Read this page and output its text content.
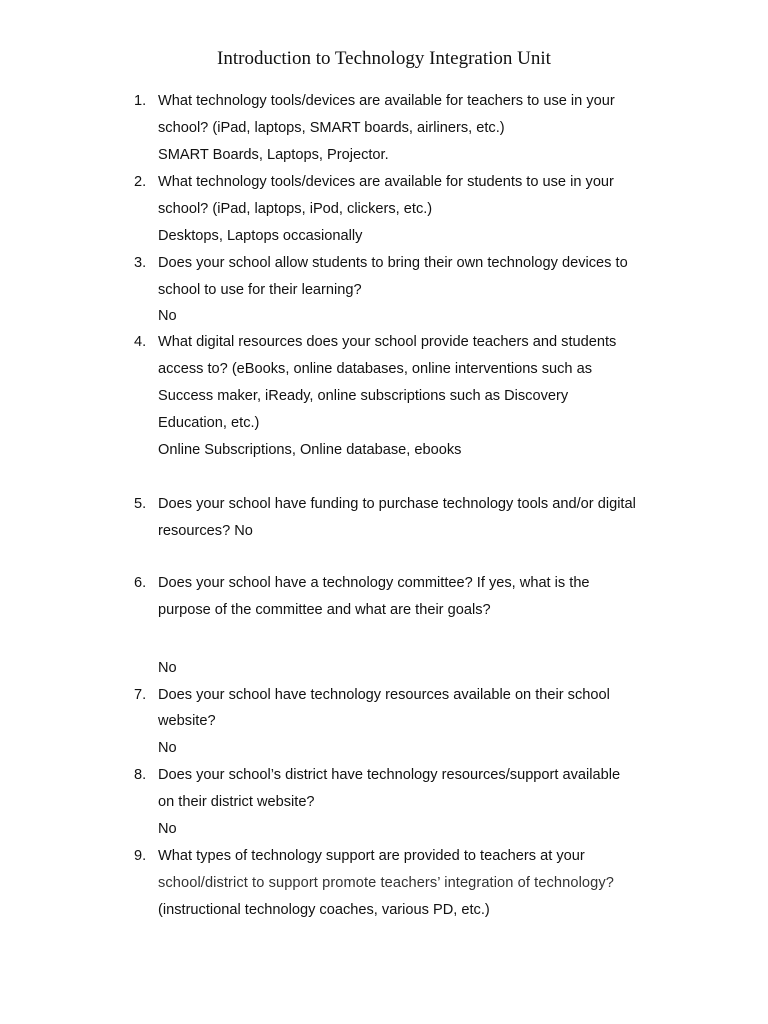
Introduction to Technology Integration Unit
1. What technology tools/devices are available for teachers to use in your
school? (iPad, laptops, SMART boards, airliners, etc.)
SMART Boards, Laptops, Projector.
2. What technology tools/devices are available for students to use in your
school? (iPad, laptops, iPod, clickers, etc.)
Desktops, Laptops occasionally
3. Does your school allow students to bring their own technology devices to
school to use for their learning?
No
4. What digital resources does your school provide teachers and students
access to? (eBooks, online databases, online interventions such as
Success maker, iReady, online subscriptions such as Discovery
Education, etc.)
Online Subscriptions, Online database, ebooks
5. Does your school have funding to purchase technology tools and/or digital
resources? No
6. Does your school have a technology committee? If yes, what is the
purpose of the committee and what are their goals?
No
7. Does your school have technology resources available on their school
website?
No
8. Does your school’s district have technology resources/support available
on their district website?
No
9. What types of technology support are provided to teachers at your
school/district to support promote teachers’ integration of technology?
(instructional technology coaches, various PD, etc.)
